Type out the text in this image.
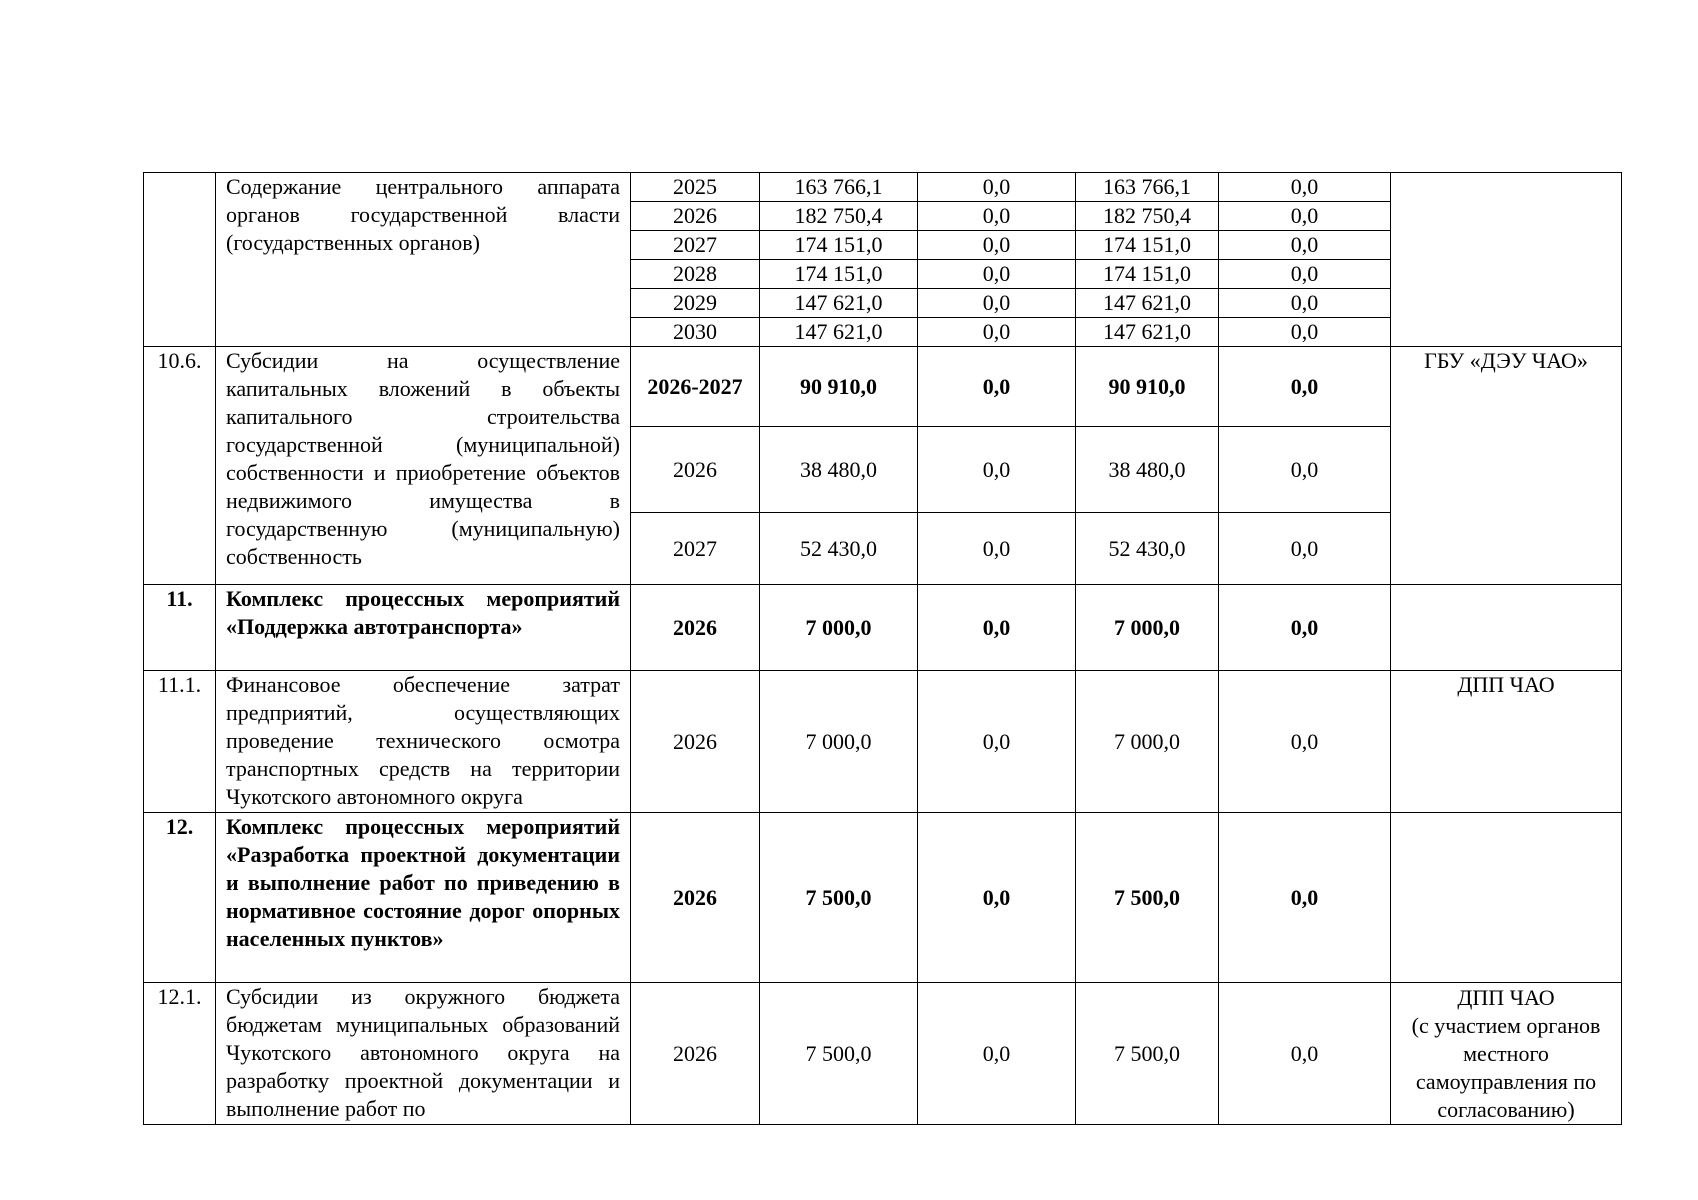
	Содержание центрального аппарата органов государственной власти (государственных органов)	2025	163 766,1	0,0	163 766,1	0,0	
		2026	182 750,4	0,0	182 750,4	0,0	
		2027	174 151,0	0,0	174 151,0	0,0	
		2028	174 151,0	0,0	174 151,0	0,0	
		2029	147 621,0	0,0	147 621,0	0,0	
		2030	147 621,0	0,0	147 621,0	0,0	
10.6.	Субсидии на осуществление капитальных вложений в объекты капитального строительства государственной (муниципальной) собственности и приобретение объектов недвижимого имущества в государственную (муниципальную) собственность	2026-2027	90 910,0	0,0	90 910,0	0,0	ГБУ «ДЭУ ЧАО»
		2026	38 480,0	0,0	38 480,0	0,0	
		2027	52 430,0	0,0	52 430,0	0,0	
11.	Комплекс процессных мероприятий «Поддержка автотранспорта»	2026	7 000,0	0,0	7 000,0	0,0	
11.1.	Финансовое обеспечение затрат предприятий, осуществляющих проведение технического осмотра транспортных средств на территории Чукотского автономного округа	2026	7 000,0	0,0	7 000,0	0,0	ДПП ЧАО
12.	Комплекс процессных мероприятий «Разработка проектной документации и выполнение работ по приведению в нормативное состояние дорог опорных населенных пунктов»	2026	7 500,0	0,0	7 500,0	0,0	
12.1.	Субсидии из окружного бюджета бюджетам муниципальных образований Чукотского автономного округа на разработку проектной документации и выполнение работ по	2026	7 500,0	0,0	7 500,0	0,0	ДПП ЧАО
(с участием органов местного самоуправления по согласованию)
